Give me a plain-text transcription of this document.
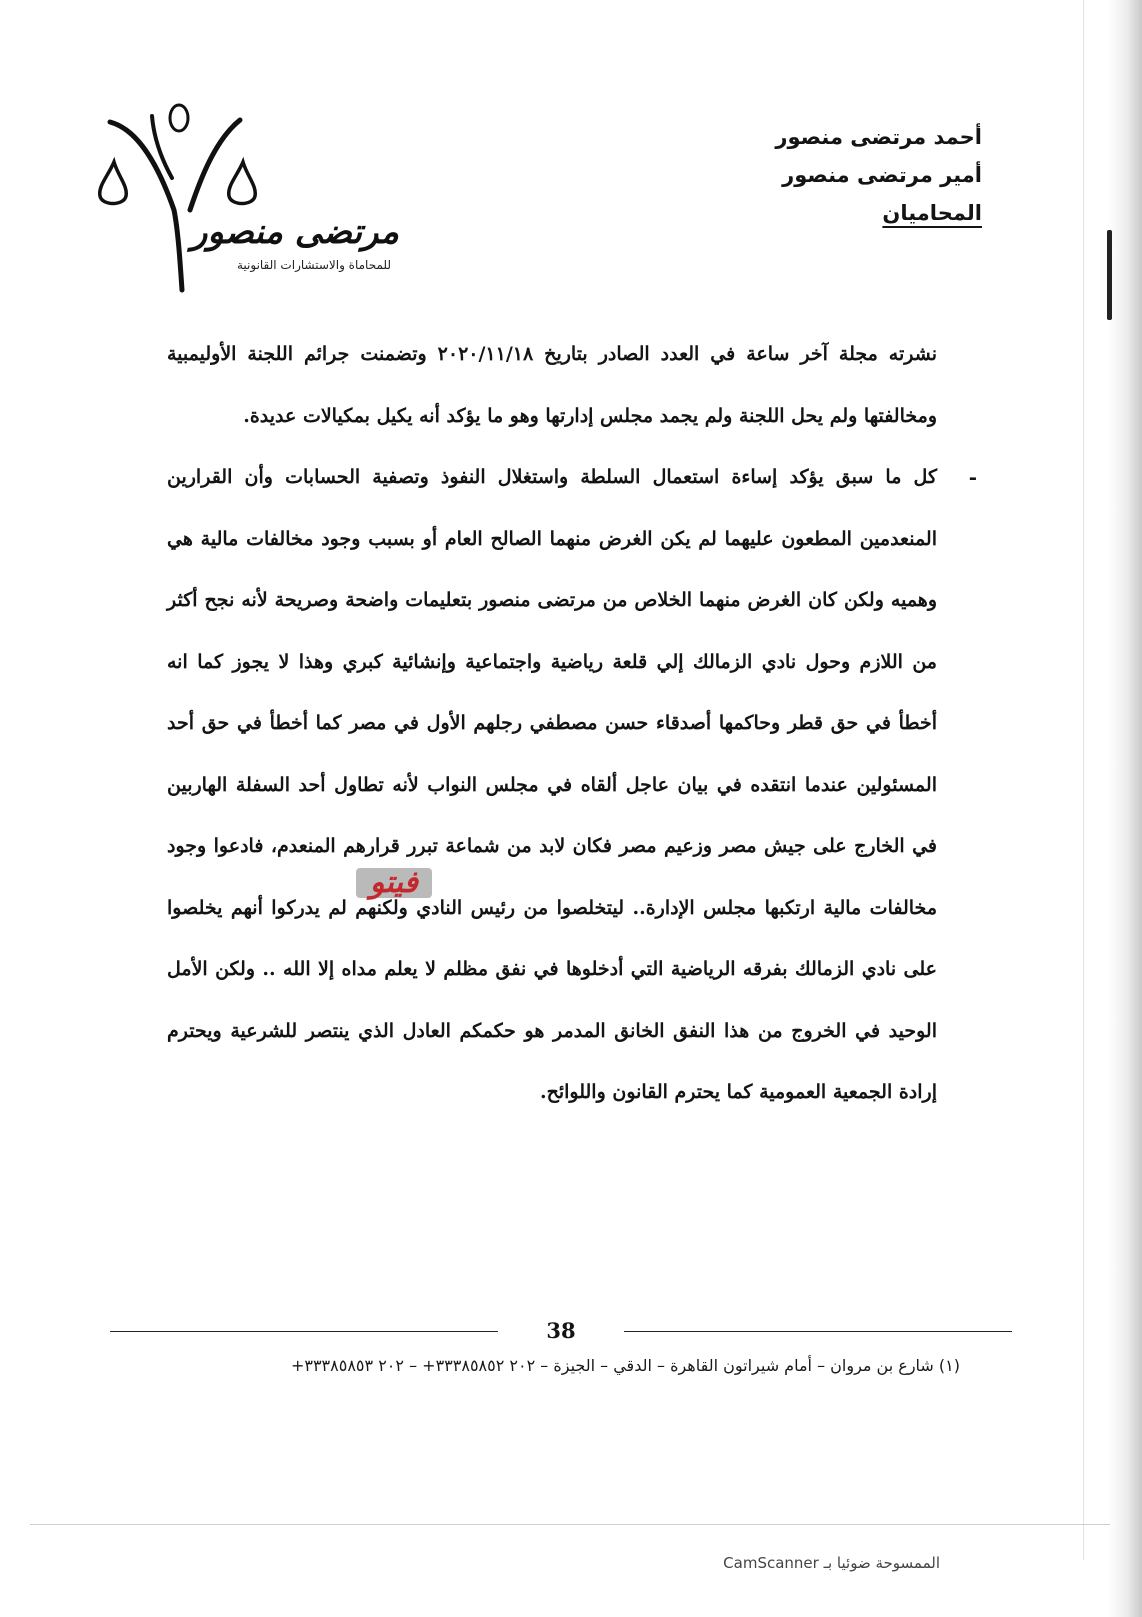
مرتضى منصور
للمحاماة والاستشارات القانونية
أحمد مرتضى منصور
أمير مرتضى منصور
المحاميان

نشرته مجلة آخر ساعة في العدد الصادر بتاريخ ٢٠٢٠/١١/١٨ وتضمنت جرائم اللجنة الأوليمبية ومخالفتها ولم يحل اللجنة ولم يجمد مجلس إدارتها وهو ما يؤكد أنه يكيل بمكيالات عديدة.

-
كل ما سبق يؤكد إساءة استعمال السلطة واستغلال النفوذ وتصفية الحسابات وأن القرارين المنعدمين المطعون عليهما لم يكن الغرض منهما الصالح العام أو بسبب وجود مخالفات مالية هي وهميه ولكن كان الغرض منهما الخلاص من مرتضى منصور بتعليمات واضحة وصريحة لأنه نجح أكثر من اللازم وحول نادي الزمالك إلي قلعة رياضية واجتماعية وإنشائية كبري وهذا لا يجوز كما انه أخطأ في حق قطر وحاكمها أصدقاء حسن مصطفي رجلهم الأول في مصر كما أخطأ في حق أحد المسئولين عندما انتقده في بيان عاجل ألقاه في مجلس النواب لأنه تطاول أحد السفلة الهاربين في الخارج على جيش مصر وزعيم مصر فكان لابد من شماعة تبرر قرارهم المنعدم، فادعوا وجود مخالفات مالية ارتكبها مجلس الإدارة.. ليتخلصوا من رئيس النادي ولكنهم لم يدركوا أنهم يخلصوا على نادي الزمالك بفرقه الرياضية التي أدخلوها في نفق مظلم لا يعلم مداه إلا الله .. ولكن الأمل الوحيد في الخروج من هذا النفق الخانق المدمر هو حكمكم العادل الذي ينتصر للشرعية ويحترم إرادة الجمعية العمومية كما يحترم القانون واللوائح.

فيتو
38
(١) شارع بن مروان – أمام شيراتون القاهرة – الدقي – الجيزة – ٢٠٢ ٣٣٣٨٥٨٥٢+ – ٢٠٢ ٣٣٣٨٥٨٥٣+
الممسوحة ضوئيا بـ CamScanner
